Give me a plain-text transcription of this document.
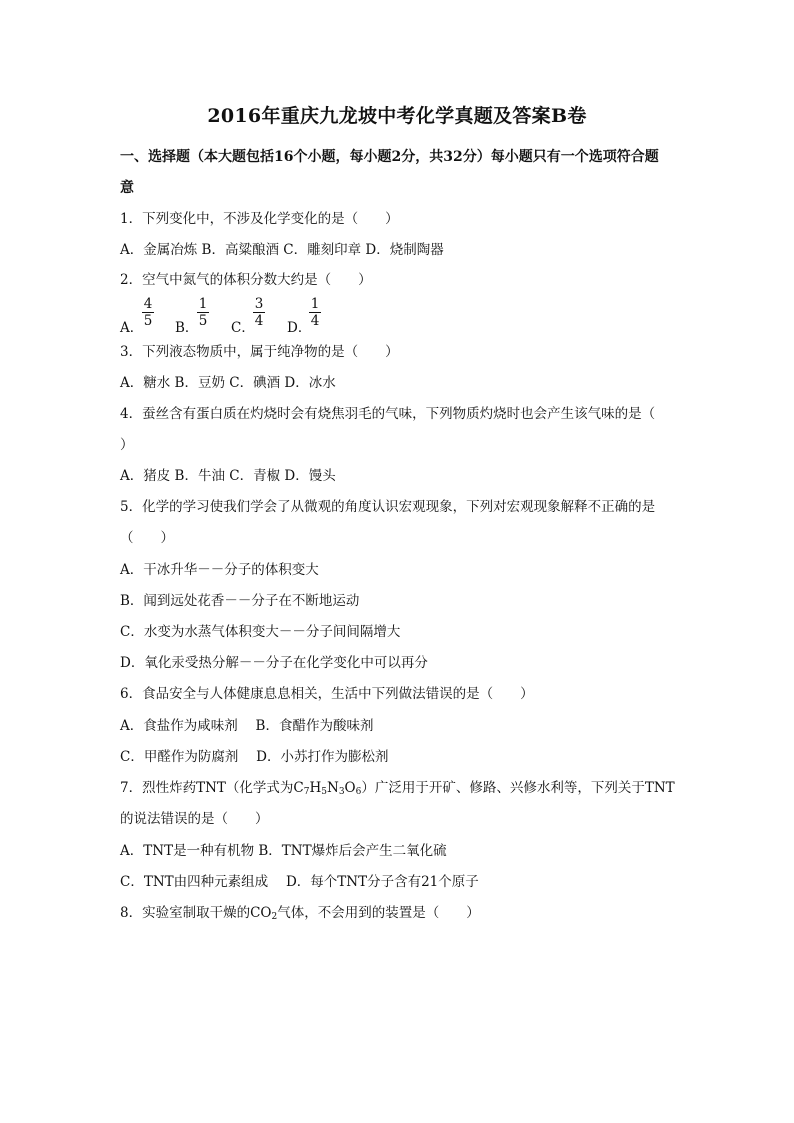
2016年重庆九龙坡中考化学真题及答案B卷
一、选择题（本大题包括16个小题，每小题2分，共32分）每小题只有一个选项符合题
意
1．下列变化中，不涉及化学变化的是（　　）
A．金属冶炼 B．高粱酿酒 C．雕刻印章 D．烧制陶器
2．空气中氮气的体积分数大约是（　　）
A．
4
5 B．
1
5 C．
3
4 D．
1
4
3．下列液态物质中，属于纯净物的是（　　）
A．糖水 B．豆奶 C．碘酒 D．冰水
4．蚕丝含有蛋白质在灼烧时会有烧焦羽毛的气味，下列物质灼烧时也会产生该气味的是（
）
A．猪皮 B．牛油 C．青椒 D．馒头
5．化学的学习使我们学会了从微观的角度认识宏观现象，下列对宏观现象解释不正确的是
（　　）
A．干冰升华－－分子的体积变大
B．闻到远处花香－－分子在不断地运动
C．水变为水蒸气体积变大－－分子间间隔增大
D．氧化汞受热分解－－分子在化学变化中可以再分
6．食品安全与人体健康息息相关，生活中下列做法错误的是（　　）
A．食盐作为咸味剂　 B．食醋作为酸味剂
C．甲醛作为防腐剂　 D．小苏打作为膨松剂
7．烈性炸药TNT（化学式为$C_7H_5N_3O_6$）广泛用于开矿、修路、兴修水利等，下列关于TNT
的说法错误的是（　　）
A．TNT是一种有机物 B．TNT爆炸后会产生二氧化硫
C．TNT由四种元素组成　 D．每个TNT分子含有21个原子
8．实验室制取干燥的$CO_2$气体，不会用到的装置是（　　）
